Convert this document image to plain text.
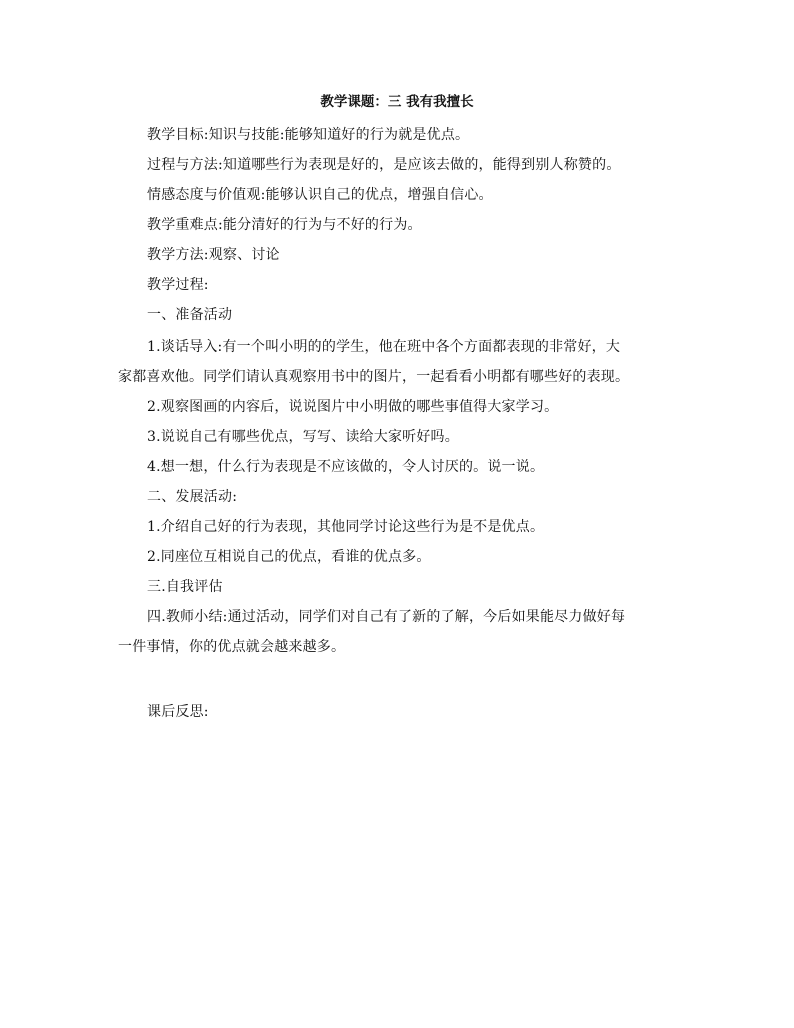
教学课题：三 我有我擅长
教学目标:知识与技能:能够知道好的行为就是优点。
过程与方法:知道哪些行为表现是好的，是应该去做的，能得到别人称赞的。
情感态度与价值观:能够认识自己的优点，增强自信心。
教学重难点:能分清好的行为与不好的行为。
教学方法:观察、讨论
教学过程:
一、准备活动
1.谈话导入:有一个叫小明的的学生，他在班中各个方面都表现的非常好，大
家都喜欢他。同学们请认真观察用书中的图片，一起看看小明都有哪些好的表现。
2.观察图画的内容后，说说图片中小明做的哪些事值得大家学习。
3.说说自己有哪些优点，写写、读给大家听好吗。
4.想一想，什么行为表现是不应该做的，令人讨厌的。说一说。
二、发展活动:
1.介绍自己好的行为表现，其他同学讨论这些行为是不是优点。
2.同座位互相说自己的优点，看谁的优点多。
三.自我评估
四.教师小结:通过活动，同学们对自己有了新的了解，今后如果能尽力做好每
一件事情，你的优点就会越来越多。
课后反思:
